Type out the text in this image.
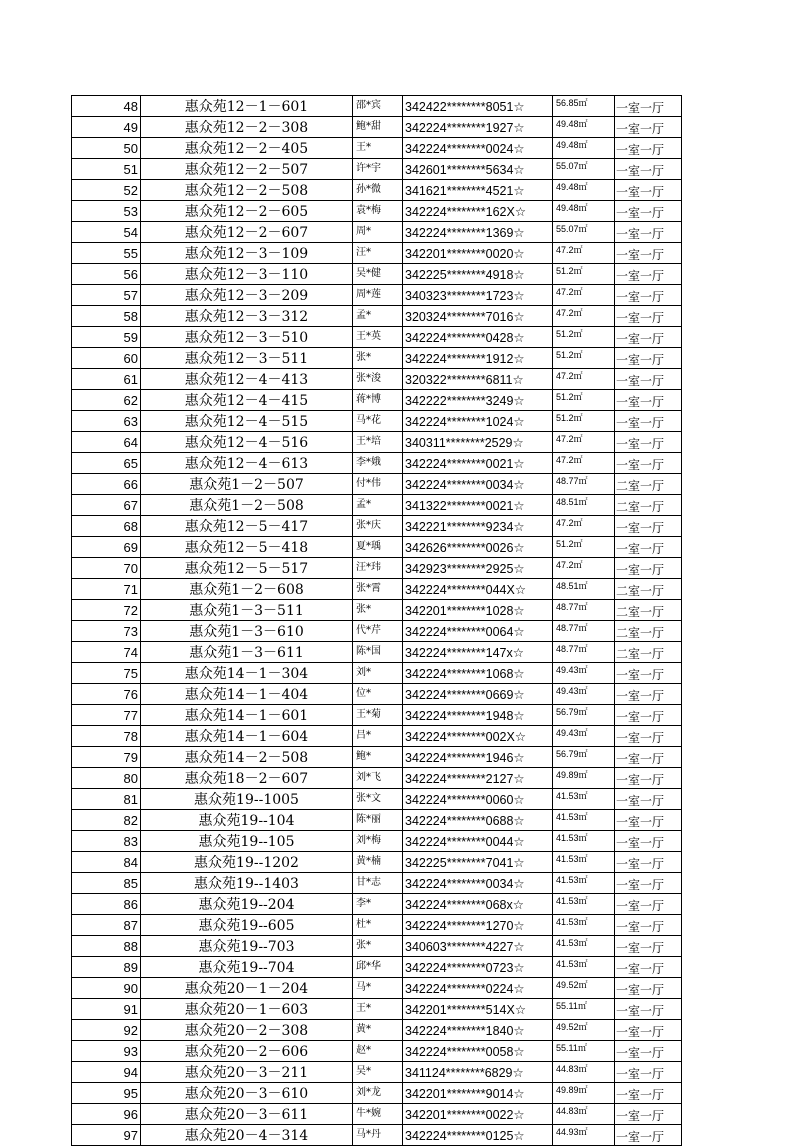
48	惠众苑12－1－601	邵*宾	342422********8051☆	56.85㎡	一室一厅
49	惠众苑12－2－308	鲍*甜	342224********1927☆	49.48㎡	一室一厅
50	惠众苑12－2－405	王*	342224********0024☆	49.48㎡	一室一厅
51	惠众苑12－2－507	许*宇	342601********5634☆	55.07㎡	一室一厅
52	惠众苑12－2－508	孙*微	341621********4521☆	49.48㎡	一室一厅
53	惠众苑12－2－605	袁*梅	342224********162X☆	49.48㎡	一室一厅
54	惠众苑12－2－607	周*	342224********1369☆	55.07㎡	一室一厅
55	惠众苑12－3－109	汪*	342201********0020☆	47.2㎡	一室一厅
56	惠众苑12－3－110	吴*健	342225********4918☆	51.2㎡	一室一厅
57	惠众苑12－3－209	周*莲	340323********1723☆	47.2㎡	一室一厅
58	惠众苑12－3－312	孟*	320324********7016☆	47.2㎡	一室一厅
59	惠众苑12－3－510	王*英	342224********0428☆	51.2㎡	一室一厅
60	惠众苑12－3－511	张*	342224********1912☆	51.2㎡	一室一厅
61	惠众苑12－4－413	张*浚	320322********6811☆	47.2㎡	一室一厅
62	惠众苑12－4－415	蒋*博	342222********3249☆	51.2㎡	一室一厅
63	惠众苑12－4－515	马*花	342224********1024☆	51.2㎡	一室一厅
64	惠众苑12－4－516	王*培	340311********2529☆	47.2㎡	一室一厅
65	惠众苑12－4－613	李*娥	342224********0021☆	47.2㎡	一室一厅
66	惠众苑1－2－507	付*伟	342224********0034☆	48.77㎡	二室一厅
67	惠众苑1－2－508	孟*	341322********0021☆	48.51㎡	二室一厅
68	惠众苑12－5－417	张*庆	342221********9234☆	47.2㎡	一室一厅
69	惠众苑12－5－418	夏*瑀	342626********0026☆	51.2㎡	一室一厅
70	惠众苑12－5－517	汪*玮	342923********2925☆	47.2㎡	一室一厅
71	惠众苑1－2－608	张*霄	342224********044X☆	48.51㎡	二室一厅
72	惠众苑1－3－511	张*	342201********1028☆	48.77㎡	二室一厅
73	惠众苑1－3－610	代*芹	342224********0064☆	48.77㎡	二室一厅
74	惠众苑1－3－611	陈*国	342224********147x☆	48.77㎡	二室一厅
75	惠众苑14－1－304	刘*	342224********1068☆	49.43㎡	一室一厅
76	惠众苑14－1－404	位*	342224********0669☆	49.43㎡	一室一厅
77	惠众苑14－1－601	王*菊	342224********1948☆	56.79㎡	一室一厅
78	惠众苑14－1－604	吕*	342224********002X☆	49.43㎡	一室一厅
79	惠众苑14－2－508	鲍*	342224********1946☆	56.79㎡	一室一厅
80	惠众苑18－2－607	刘*飞	342224********2127☆	49.89㎡	一室一厅
81	惠众苑19--1005	张*文	342224********0060☆	41.53㎡	一室一厅
82	惠众苑19--104	陈*丽	342224********0688☆	41.53㎡	一室一厅
83	惠众苑19--105	刘*梅	342224********0044☆	41.53㎡	一室一厅
84	惠众苑19--1202	黄*楠	342225********7041☆	41.53㎡	一室一厅
85	惠众苑19--1403	甘*志	342224********0034☆	41.53㎡	一室一厅
86	惠众苑19--204	李*	342224********068x☆	41.53㎡	一室一厅
87	惠众苑19--605	杜*	342224********1270☆	41.53㎡	一室一厅
88	惠众苑19--703	张*	340603********4227☆	41.53㎡	一室一厅
89	惠众苑19--704	邱*华	342224********0723☆	41.53㎡	一室一厅
90	惠众苑20－1－204	马*	342224********0224☆	49.52㎡	一室一厅
91	惠众苑20－1－603	王*	342201********514X☆	55.11㎡	一室一厅
92	惠众苑20－2－308	黄*	342224********1840☆	49.52㎡	一室一厅
93	惠众苑20－2－606	赵*	342224********0058☆	55.11㎡	一室一厅
94	惠众苑20－3－211	吴*	341124********6829☆	44.83㎡	一室一厅
95	惠众苑20－3－610	刘*龙	342201********9014☆	49.89㎡	一室一厅
96	惠众苑20－3－611	牛*婉	342201********0022☆	44.83㎡	一室一厅
97	惠众苑20－4－314	马*丹	342224********0125☆	44.93㎡	一室一厅
